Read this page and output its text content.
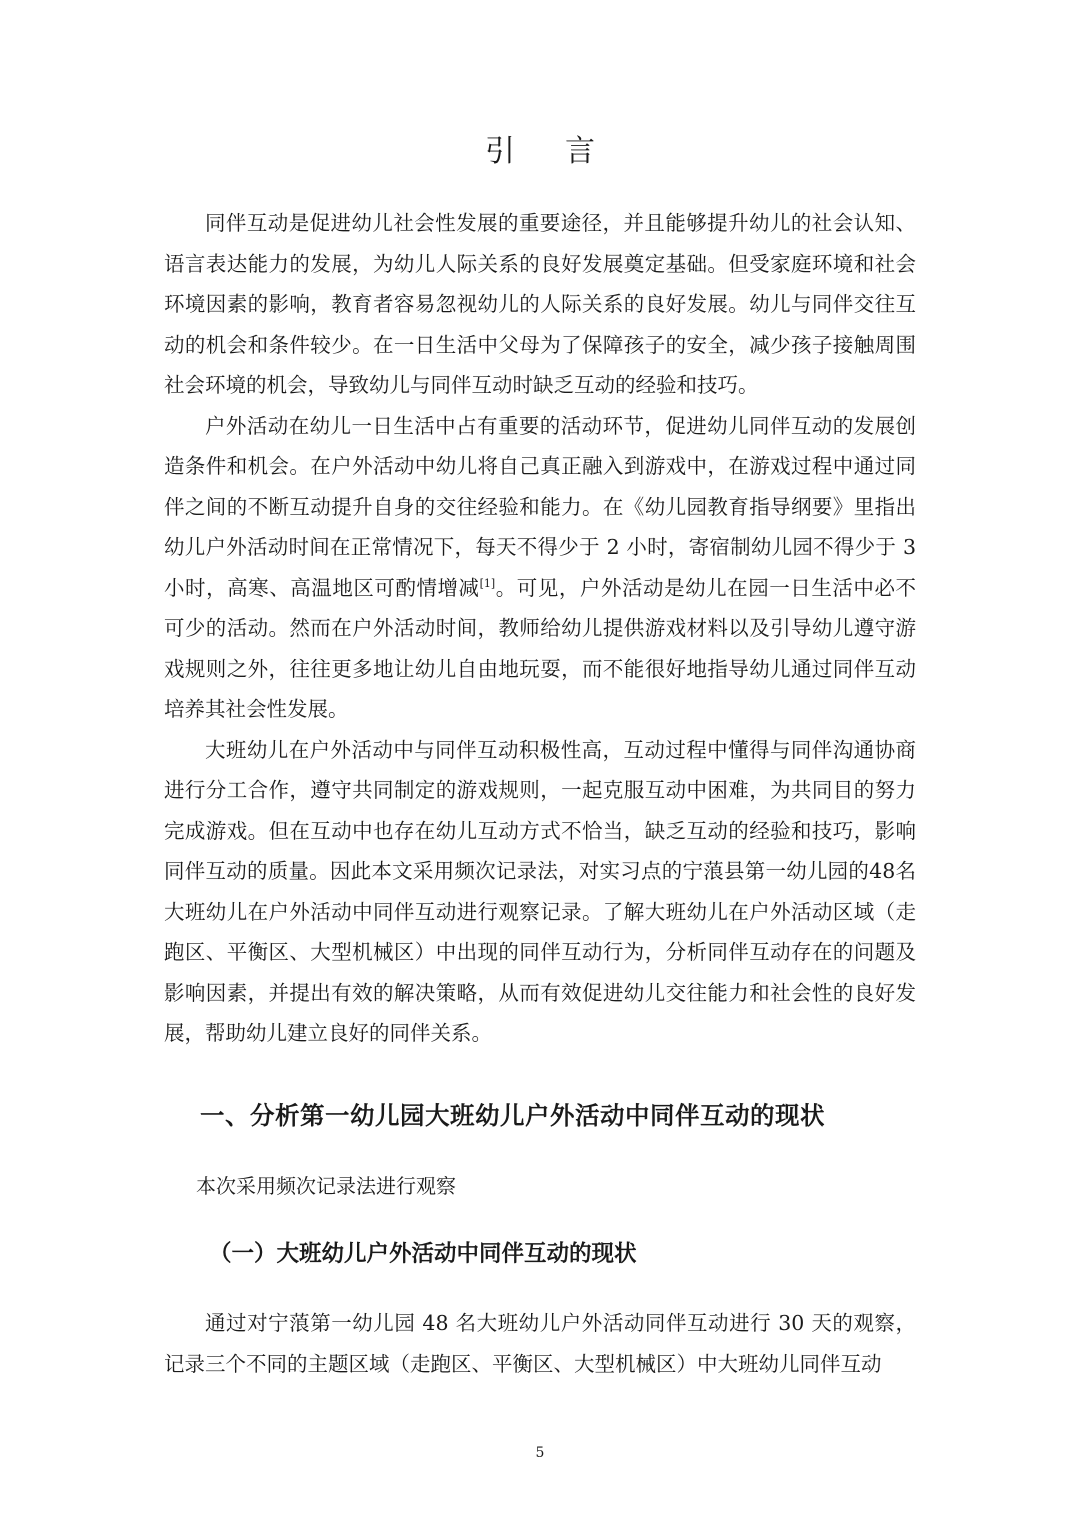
引言

同伴互动是促进幼儿社会性发展的重要途径，并且能够提升幼儿的社会认知、语言表达能力的发展，为幼儿人际关系的良好发展奠定基础。但受家庭环境和社会环境因素的影响，教育者容易忽视幼儿的人际关系的良好发展。幼儿与同伴交往互动的机会和条件较少。在一日生活中父母为了保障孩子的安全，减少孩子接触周围社会环境的机会，导致幼儿与同伴互动时缺乏互动的经验和技巧。

户外活动在幼儿一日生活中占有重要的活动环节，促进幼儿同伴互动的发展创造条件和机会。在户外活动中幼儿将自己真正融入到游戏中，在游戏过程中通过同伴之间的不断互动提升自身的交往经验和能力。在《幼儿园教育指导纲要》里指出幼儿户外活动时间在正常情况下，每天不得少于 2 小时，寄宿制幼儿园不得少于 3 小时，高寒、高温地区可酌情增减[1]。可见，户外活动是幼儿在园一日生活中必不可少的活动。然而在户外活动时间，教师给幼儿提供游戏材料以及引导幼儿遵守游戏规则之外，往往更多地让幼儿自由地玩耍，而不能很好地指导幼儿通过同伴互动培养其社会性发展。

大班幼儿在户外活动中与同伴互动积极性高，互动过程中懂得与同伴沟通协商进行分工合作，遵守共同制定的游戏规则，一起克服互动中困难，为共同目的努力完成游戏。但在互动中也存在幼儿互动方式不恰当，缺乏互动的经验和技巧，影响同伴互动的质量。因此本文采用频次记录法，对实习点的宁蒗县第一幼儿园的48名大班幼儿在户外活动中同伴互动进行观察记录。了解大班幼儿在户外活动区域（走跑区、平衡区、大型机械区）中出现的同伴互动行为，分析同伴互动存在的问题及影响因素，并提出有效的解决策略，从而有效促进幼儿交往能力和社会性的良好发展，帮助幼儿建立良好的同伴关系。

一、分析第一幼儿园大班幼儿户外活动中同伴互动的现状
本次采用频次记录法进行观察
（一）大班幼儿户外活动中同伴互动的现状

通过对宁蒗第一幼儿园 48 名大班幼儿户外活动同伴互动进行 30 天的观察，记录三个不同的主题区域（走跑区、平衡区、大型机械区）中大班幼儿同伴互动

5
